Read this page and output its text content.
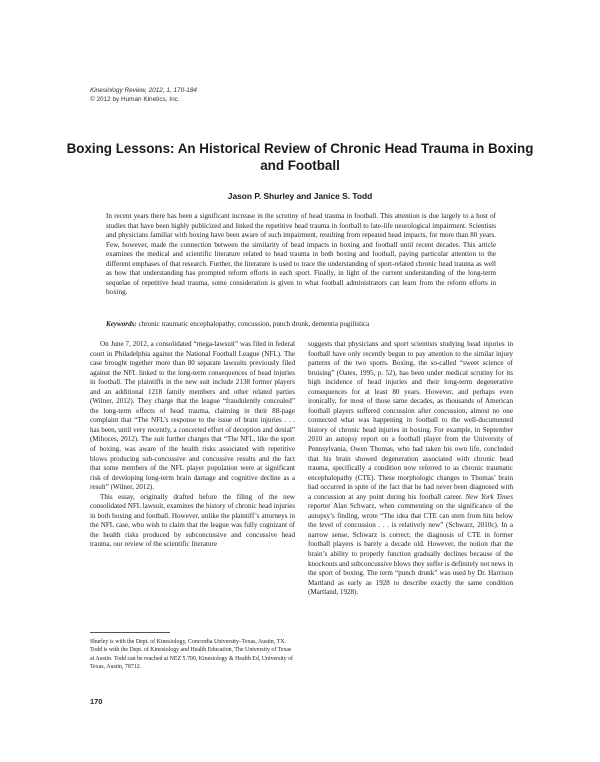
Kinesiology Review, 2012, 1, 170-184
© 2012 by Human Kinetics, Inc.
Boxing Lessons: An Historical Review of Chronic Head Trauma in Boxing and Football
Jason P. Shurley and Janice S. Todd
In recent years there has been a significant increase in the scrutiny of head trauma in football. This attention is due largely to a host of studies that have been highly publicized and linked the repetitive head trauma in football to late-life neurological impairment. Scientists and physicians familiar with boxing have been aware of such impairment, resulting from repeated head impacts, for more than 80 years. Few, however, made the connection between the similarity of head impacts in boxing and football until recent decades. This article examines the medical and scientific literature related to head trauma in both boxing and football, paying particular attention to the different emphases of that research. Further, the literature is used to trace the understanding of sport-related chronic head trauma as well as how that understanding has prompted reform efforts in each sport. Finally, in light of the current understanding of the long-term sequelae of repetitive head trauma, some consideration is given to what football administrators can learn from the reform efforts in boxing.
Keywords: chronic traumatic encephalopathy, concussion, punch drunk, dementia pugilistica

On June 7, 2012, a consolidated “mega-lawsuit” was filed in federal court in Philadelphia against the National Football League (NFL). The case brought together more than 80 separate lawsuits previously filed against the NFL linked to the long-term consequences of head injuries in football. The plaintiffs in the new suit include 2138 former players and an additional 1218 family members and other related parties (Wilner, 2012). They charge that the league “fraudulently concealed” the long-term effects of head trauma, claiming in their 88-page complaint that “The NFL’s response to the issue of brain injuries . . . has been, until very recently, a concerted effort of deception and denial” (Mihoces, 2012). The suit further charges that “The NFL, like the sport of boxing, was aware of the health risks associated with repetitive blows producing sub-concussive and concussive results and the fact that some members of the NFL player population were at significant risk of developing long-term brain damage and cognitive decline as a result” (Wilner, 2012).

This essay, originally drafted before the filing of the new consolidated NFL lawsuit, examines the history of chronic head injuries in both boxing and football. However, unlike the plaintiff’s attorneys in the NFL case, who wish to claim that the league was fully cognizant of the health risks produced by subconcussive and concussive head trauma, our review of the scientific literature

suggests that physicians and sport scientists studying head injuries in football have only recently begun to pay attention to the similar injury patterns of the two sports. Boxing, the so-called “sweet science of bruising” (Oates, 1995, p. 52), has been under medical scrutiny for its high incidence of head injuries and their long-term degenerative consequences for at least 80 years. However, and perhaps even ironically, for most of those same decades, as thousands of American football players suffered concussion after concussion, almost no one connected what was happening in football to the well-documented history of chronic head injuries in boxing. For example, in September 2010 an autopsy report on a football player from the University of Pennsylvania, Owen Thomas, who had taken his own life, concluded that his brain showed degeneration associated with chronic head trauma, specifically a condition now referred to as chronic traumatic encephalopathy (CTE). These morphologic changes to Thomas’ brain had occurred in spite of the fact that he had never been diagnosed with a concussion at any point during his football career. New York Times reporter Alan Schwarz, when commenting on the significance of the autopsy’s finding, wrote “The idea that CTE can stem from hits below the level of concussion . . . is relatively new” (Schwarz, 2010c). In a narrow sense, Schwarz is correct; the diagnosis of CTE in former football players is barely a decade old. However, the notion that the brain’s ability to properly function gradually declines because of the knockouts and subconcussive blows they suffer is definitely not news in the sport of boxing. The term “punch drunk” was used by Dr. Harrison Martland as early as 1928 to describe exactly the same condition (Martland, 1928).

Shurley is with the Dept. of Kinesiology, Concordia University–Texas, Austin, TX. Todd is with the Dept. of Kinesiology and Health Education, The University of Texas at Austin. Todd can be reached at NEZ 5.700, Kinesiology & Health Ed, University of Texas, Austin, 78712.
170
